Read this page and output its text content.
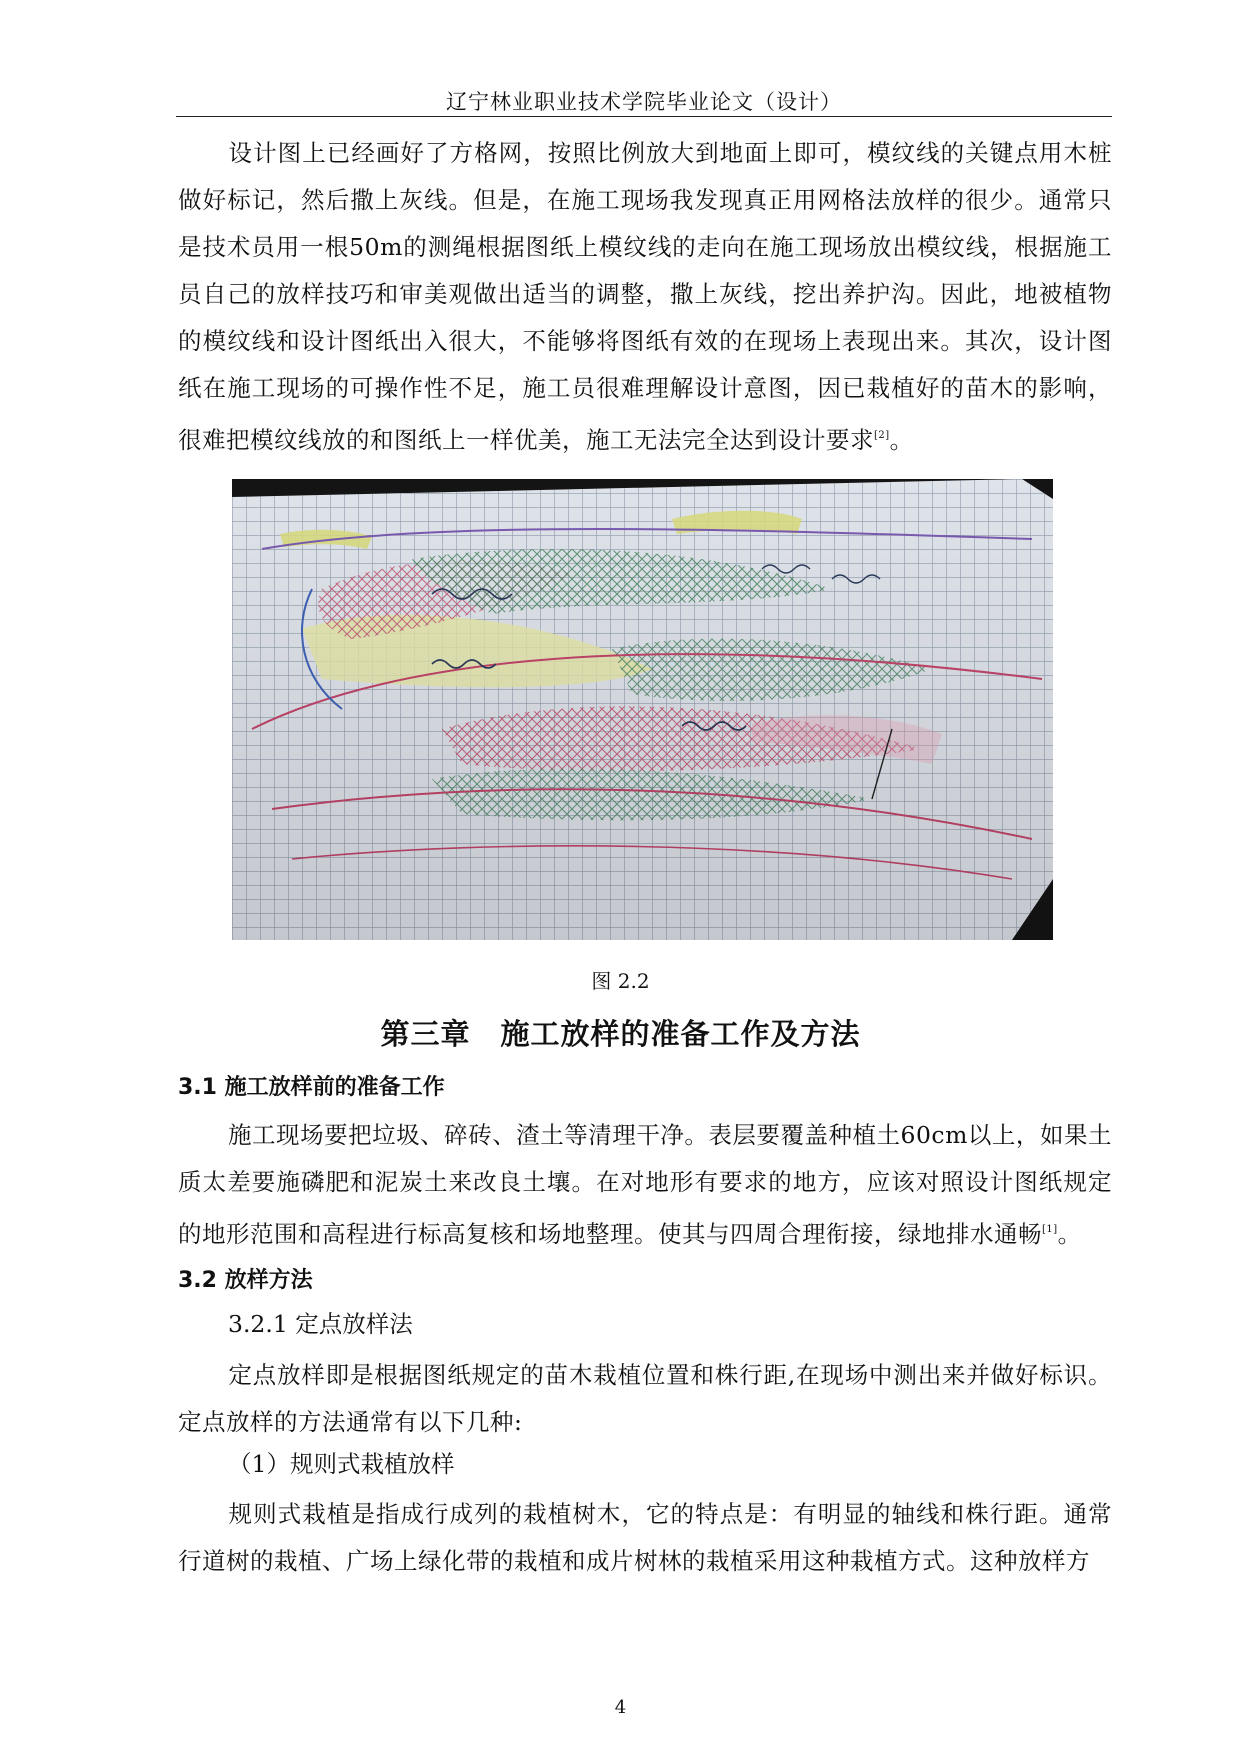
辽宁林业职业技术学院毕业论文（设计）
设计图上已经画好了方格网，按照比例放大到地面上即可，模纹线的关键点用木桩做好标记，然后撒上灰线。但是，在施工现场我发现真正用网格法放样的很少。通常只是技术员用一根50m的测绳根据图纸上模纹线的走向在施工现场放出模纹线，根据施工员自己的放样技巧和审美观做出适当的调整，撒上灰线，挖出养护沟。因此，地被植物的模纹线和设计图纸出入很大，不能够将图纸有效的在现场上表现出来。其次，设计图纸在施工现场的可操作性不足，施工员很难理解设计意图，因已栽植好的苗木的影响，很难把模纹线放的和图纸上一样优美，施工无法完全达到设计要求[2]。
图 2.2
第三章　施工放样的准备工作及方法
3.1 施工放样前的准备工作
施工现场要把垃圾、碎砖、渣土等清理干净。表层要覆盖种植土60cm以上，如果土质太差要施磷肥和泥炭土来改良土壤。在对地形有要求的地方，应该对照设计图纸规定的地形范围和高程进行标高复核和场地整理。使其与四周合理衔接，绿地排水通畅[1]。
3.2 放样方法
3.2.1 定点放样法
定点放样即是根据图纸规定的苗木栽植位置和株行距,在现场中测出来并做好标识。定点放样的方法通常有以下几种:
（1）规则式栽植放样
规则式栽植是指成行成列的栽植树木，它的特点是：有明显的轴线和株行距。通常行道树的栽植、广场上绿化带的栽植和成片树林的栽植采用这种栽植方式。这种放样方
4
